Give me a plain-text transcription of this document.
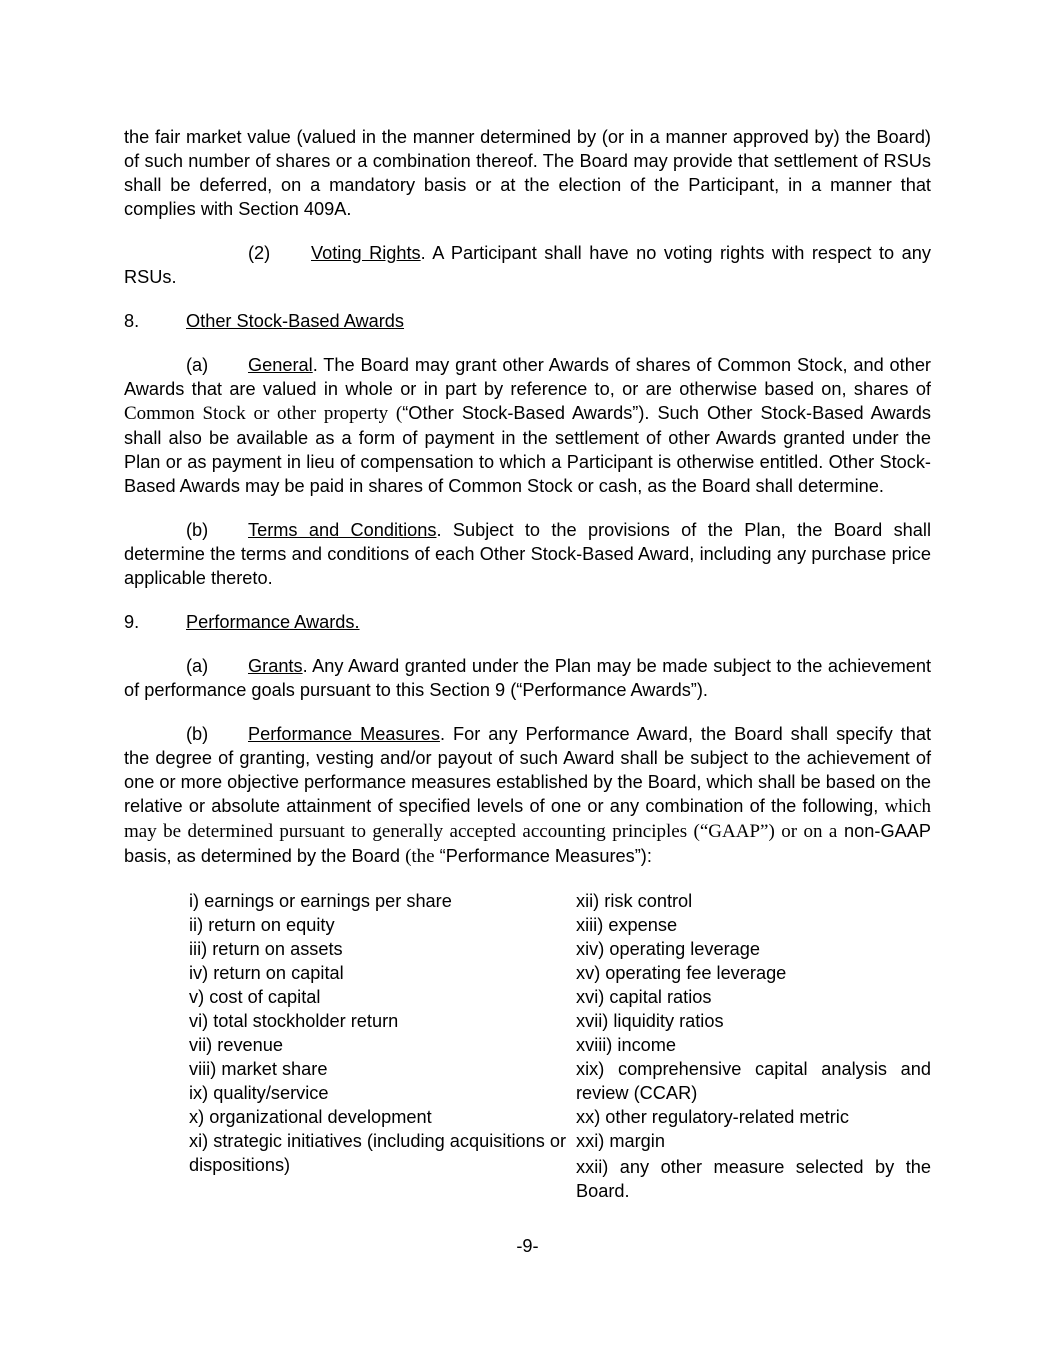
the fair market value (valued in the manner determined by (or in a manner approved by) the Board) of such number of shares or a combination thereof. The Board may provide that settlement of RSUs shall be deferred, on a mandatory basis or at the election of the Participant, in a manner that complies with Section 409A.

(2) Voting Rights. A Participant shall have no voting rights with respect to any RSUs.

8.	Other Stock-Based Awards

(a) General. The Board may grant other Awards of shares of Common Stock, and other Awards that are valued in whole or in part by reference to, or are otherwise based on, shares of Common Stock or other property (“Other Stock-Based Awards”). Such Other Stock-Based Awards shall also be available as a form of payment in the settlement of other Awards granted under the Plan or as payment in lieu of compensation to which a Participant is otherwise entitled. Other Stock-Based Awards may be paid in shares of Common Stock or cash, as the Board shall determine.

(b) Terms and Conditions. Subject to the provisions of the Plan, the Board shall determine the terms and conditions of each Other Stock-Based Award, including any purchase price applicable thereto.

9.	Performance Awards.

(a) Grants. Any Award granted under the Plan may be made subject to the achievement of performance goals pursuant to this Section 9 (“Performance Awards”).

(b) Performance Measures. For any Performance Award, the Board shall specify that the degree of granting, vesting and/or payout of such Award shall be subject to the achievement of one or more objective performance measures established by the Board, which shall be based on the relative or absolute attainment of specified levels of one or any combination of the following, which may be determined pursuant to generally accepted accounting principles (“GAAP”) or on a non-GAAP basis, as determined by the Board (the “Performance Measures”):

i) earnings or earnings per share
ii) return on equity
iii) return on assets
iv) return on capital
v) cost of capital
vi) total stockholder return
vii) revenue
viii) market share
ix) quality/service
x) organizational development
xi) strategic initiatives (including acquisitions or dispositions)
xii) risk control
xiii) expense
xiv) operating leverage
xv) operating fee leverage
xvi) capital ratios
xvii) liquidity ratios
xviii) income
xix) comprehensive capital analysis and review (CCAR)
xx) other regulatory-related metric
xxi) margin
xxii) any other measure selected by the Board.
-9-
